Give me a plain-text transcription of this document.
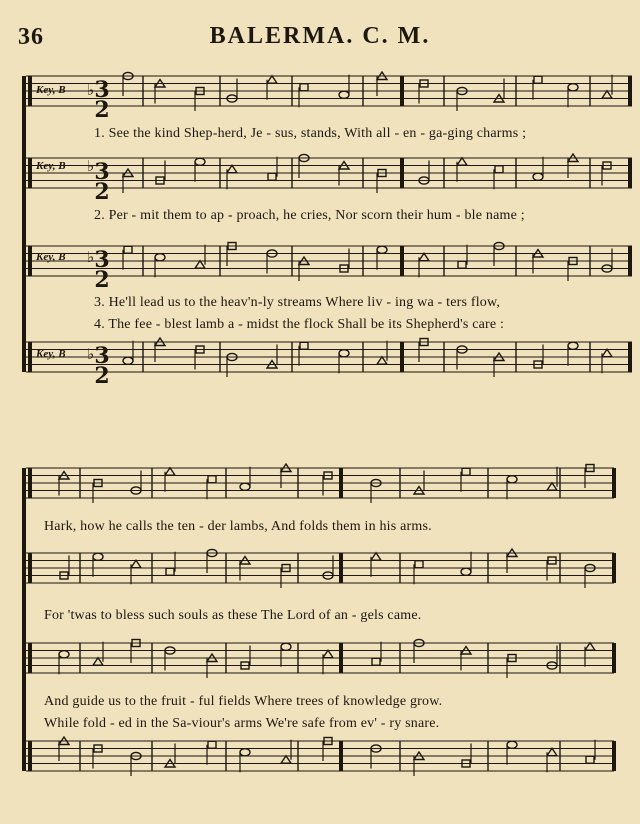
36	BALERMA. C. M.
Key, B ♭ 3
2
Key, B ♭ 3
2
Key, B ♭ 3
2
Key, B ♭ 3
2
1. See the kind Shep-herd, Je - sus, stands, With all - en - ga-ging charms ;
2. Per - mit them to ap - proach, he cries, Nor scorn their hum - ble name ;
3. He'll lead us to the heav'n-ly streams Where liv - ing wa - ters flow,
4. The fee - blest lamb a - midst the flock Shall be its Shepherd's care :
Hark, how he calls the ten - der lambs, And folds them in his arms.
For 'twas to bless such souls as these The Lord of an - gels came.
And guide us to the fruit - ful fields Where trees of knowledge grow.
While fold - ed in the Sa-viour's arms We're safe from ev' - ry snare.
